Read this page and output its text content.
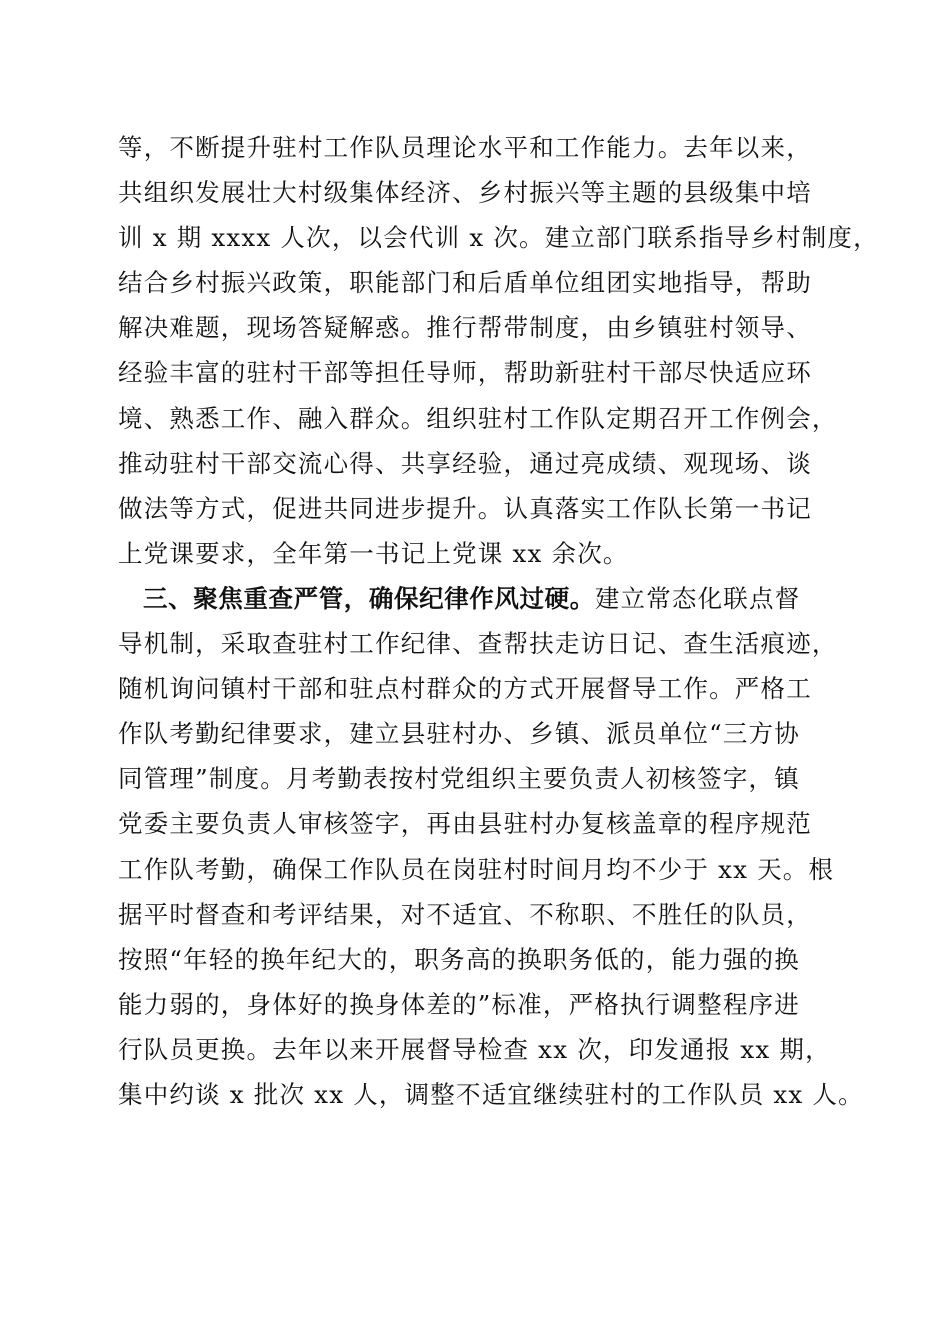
等，不断提升驻村工作队员理论水平和工作能力。去年以来，
共组织发展壮大村级集体经济、乡村振兴等主题的县级集中培
训 x 期 xxxx 人次，以会代训 x 次。建立部门联系指导乡村制度，
结合乡村振兴政策，职能部门和后盾单位组团实地指导，帮助
解决难题，现场答疑解惑。推行帮带制度，由乡镇驻村领导、
经验丰富的驻村干部等担任导师，帮助新驻村干部尽快适应环
境、熟悉工作、融入群众。组织驻村工作队定期召开工作例会，
推动驻村干部交流心得、共享经验，通过亮成绩、观现场、谈
做法等方式，促进共同进步提升。认真落实工作队长第一书记
上党课要求，全年第一书记上党课 xx 余次。
三、聚焦重查严管，确保纪律作风过硬。建立常态化联点督
导机制，采取查驻村工作纪律、查帮扶走访日记、查生活痕迹，
随机询问镇村干部和驻点村群众的方式开展督导工作。严格工
作队考勤纪律要求，建立县驻村办、乡镇、派员单位“三方协
同管理”制度。月考勤表按村党组织主要负责人初核签字，镇
党委主要负责人审核签字，再由县驻村办复核盖章的程序规范
工作队考勤，确保工作队员在岗驻村时间月均不少于 xx 天。根
据平时督查和考评结果，对不适宜、不称职、不胜任的队员，
按照“年轻的换年纪大的，职务高的换职务低的，能力强的换
能力弱的，身体好的换身体差的”标准，严格执行调整程序进
行队员更换。去年以来开展督导检查 xx 次，印发通报 xx 期，
集中约谈 x 批次 xx 人，调整不适宜继续驻村的工作队员 xx 人。
